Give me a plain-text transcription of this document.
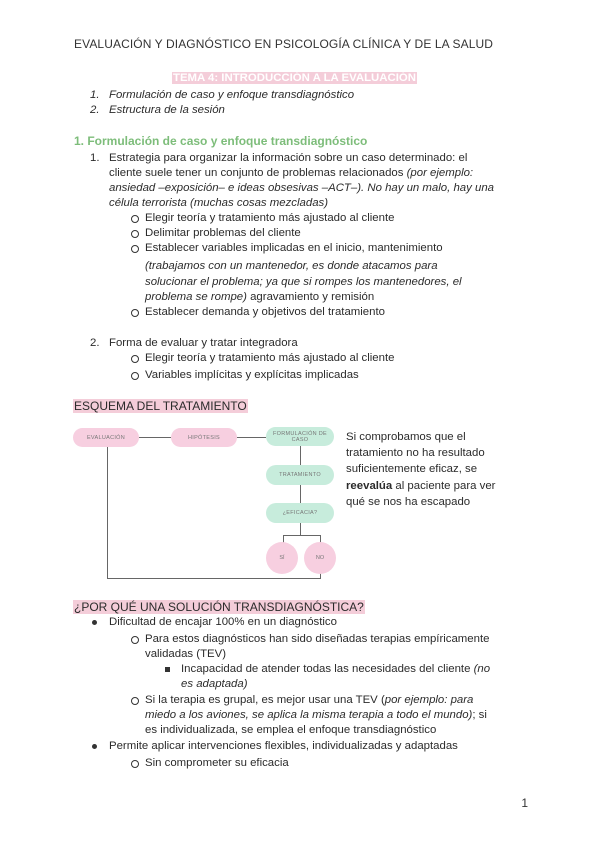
EVALUACIÓN Y DIAGNÓSTICO EN PSICOLOGÍA CLÍNICA Y DE LA SALUD
TEMA 4: INTRODUCCIÓN A LA EVALUACIÓN
1. Formulación de caso y enfoque transdiagnóstico
2. Estructura de la sesión
1. Formulación de caso y enfoque transdiagnóstico
1. Estrategia para organizar la información sobre un caso determinado: el
cliente suele tener un conjunto de problemas relacionados (por ejemplo:
ansiedad –exposición– e ideas obsesivas –ACT–). No hay un malo, hay una
célula terrorista (muchas cosas mezcladas)
Elegir teoría y tratamiento más ajustado al cliente
Delimitar problemas del cliente
Establecer variables implicadas en el inicio, mantenimiento
(trabajamos con un mantenedor, es donde atacamos para
solucionar el problema; ya que si rompes los mantenedores, el
problema se rompe) agravamiento y remisión
Establecer demanda y objetivos del tratamiento
2. Forma de evaluar y tratar integradora
Elegir teoría y tratamiento más ajustado al cliente
Variables implícitas y explícitas implicadas
ESQUEMA DEL TRATAMIENTO
EVALUACIÓN	HIPÓTESIS
FORMULACIÓN DE
CASO
TRATAMIENTO
¿EFICACIA?
SÍ	NO
Si comprobamos que el
tratamiento no ha resultado
suficientemente eficaz, se
reevalúa al paciente para ver
qué se nos ha escapado
¿POR QUÉ UNA SOLUCIÓN TRANSDIAGNÓSTICA?
Dificultad de encajar 100% en un diagnóstico
Para estos diagnósticos han sido diseñadas terapias empíricamente
validadas (TEV)
Incapacidad de atender todas las necesidades del cliente (no
es adaptada)
Si la terapia es grupal, es mejor usar una TEV (por ejemplo: para
miedo a los aviones, se aplica la misma terapia a todo el mundo); si
es individualizada, se emplea el enfoque transdiagnóstico
Permite aplicar intervenciones flexibles, individualizadas y adaptadas
Sin comprometer su eficacia
1
